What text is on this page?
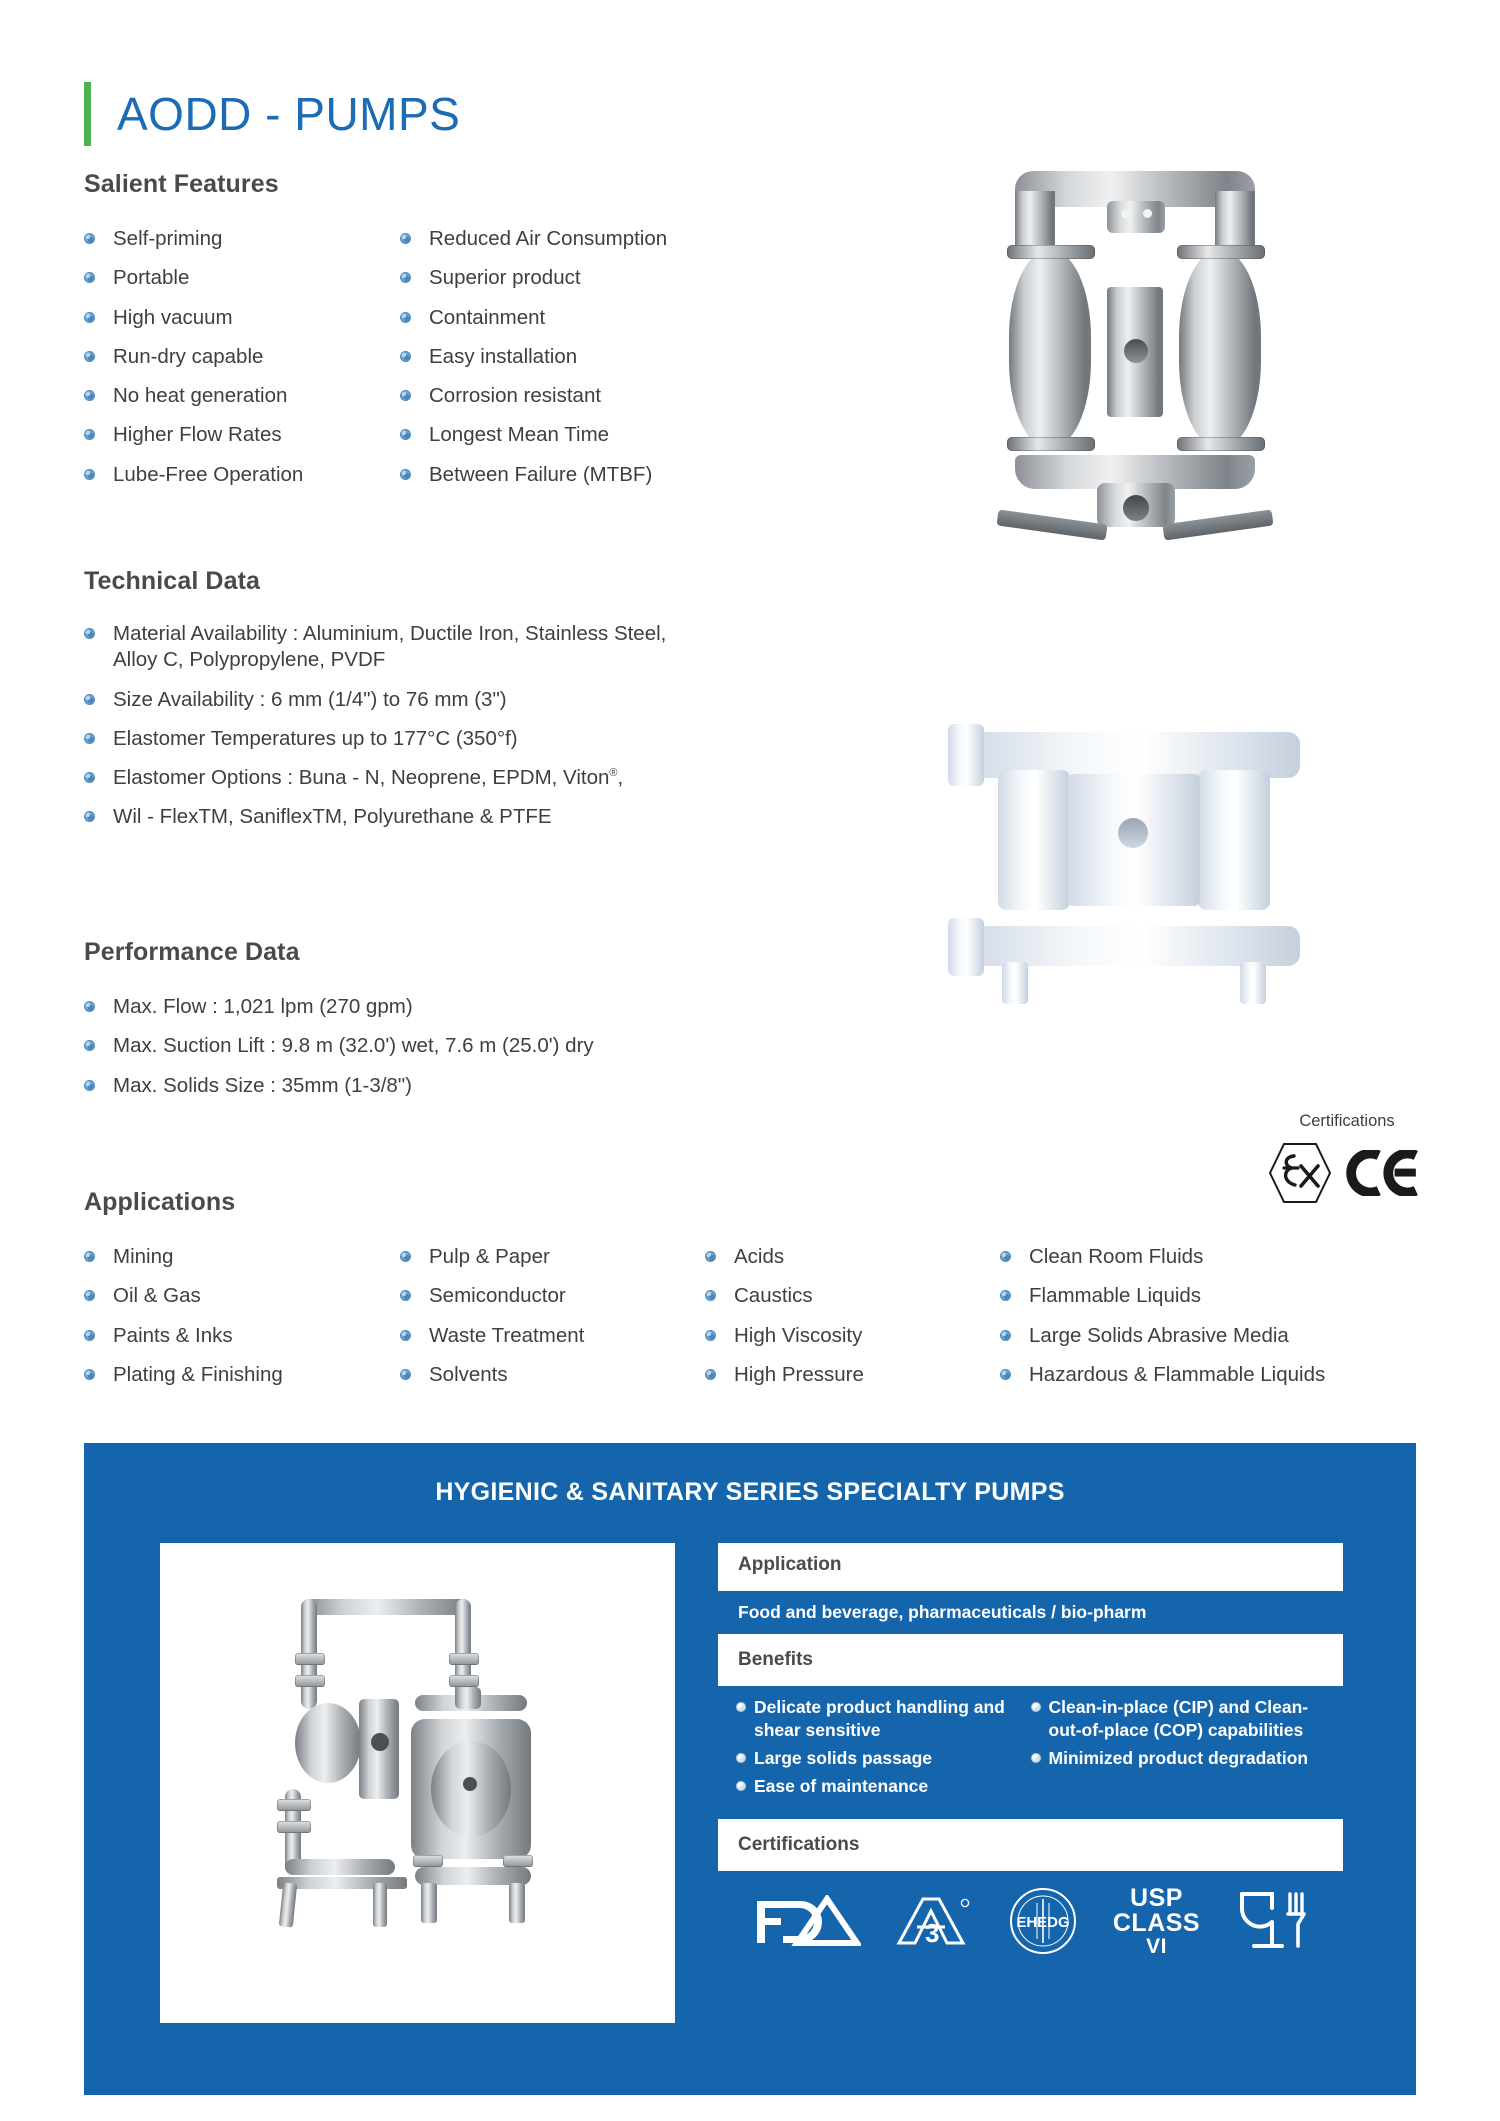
AODD - PUMPS
Salient Features
Self-priming
Portable
High vacuum
Run-dry capable
No heat generation
Higher Flow Rates
Lube-Free Operation
Reduced Air Consumption
Superior product
Containment
Easy installation
Corrosion resistant
Longest Mean Time
Between Failure (MTBF)
Technical Data
Material Availability : Aluminium, Ductile Iron, Stainless Steel,
Alloy C, Polypropylene, PVDF
Size Availability : 6 mm (1/4") to 76 mm (3")
Elastomer Temperatures up to 177°C (350°f)
Elastomer Options : Buna - N, Neoprene, EPDM, Viton®,
Wil - FlexTM, SaniflexTM, Polyurethane & PTFE
Performance Data
Max. Flow : 1,021 lpm (270 gpm)
Max. Suction Lift : 9.8 m (32.0') wet, 7.6 m (25.0') dry
Max. Solids Size : 35mm (1-3/8")
Applications
Mining
Oil & Gas
Paints & Inks
Plating & Finishing
Pulp & Paper
Semiconductor
Waste Treatment
Solvents
Acids
Caustics
High Viscosity
High Pressure
Clean Room Fluids
Flammable Liquids
Large Solids Abrasive Media
Hazardous & Flammable Liquids
Certifications
HYGIENIC & SANITARY SERIES SPECIALTY PUMPS
Application
Food and beverage, pharmaceuticals / bio-pharm
Benefits
Delicate product handling and shear sensitive
Large solids passage
Ease of maintenance
Clean-in-place (CIP) and Clean-out-of-place (COP) capabilities
Minimized product degradation
Certifications
3	EHEDG
USP
CLASS
VI
